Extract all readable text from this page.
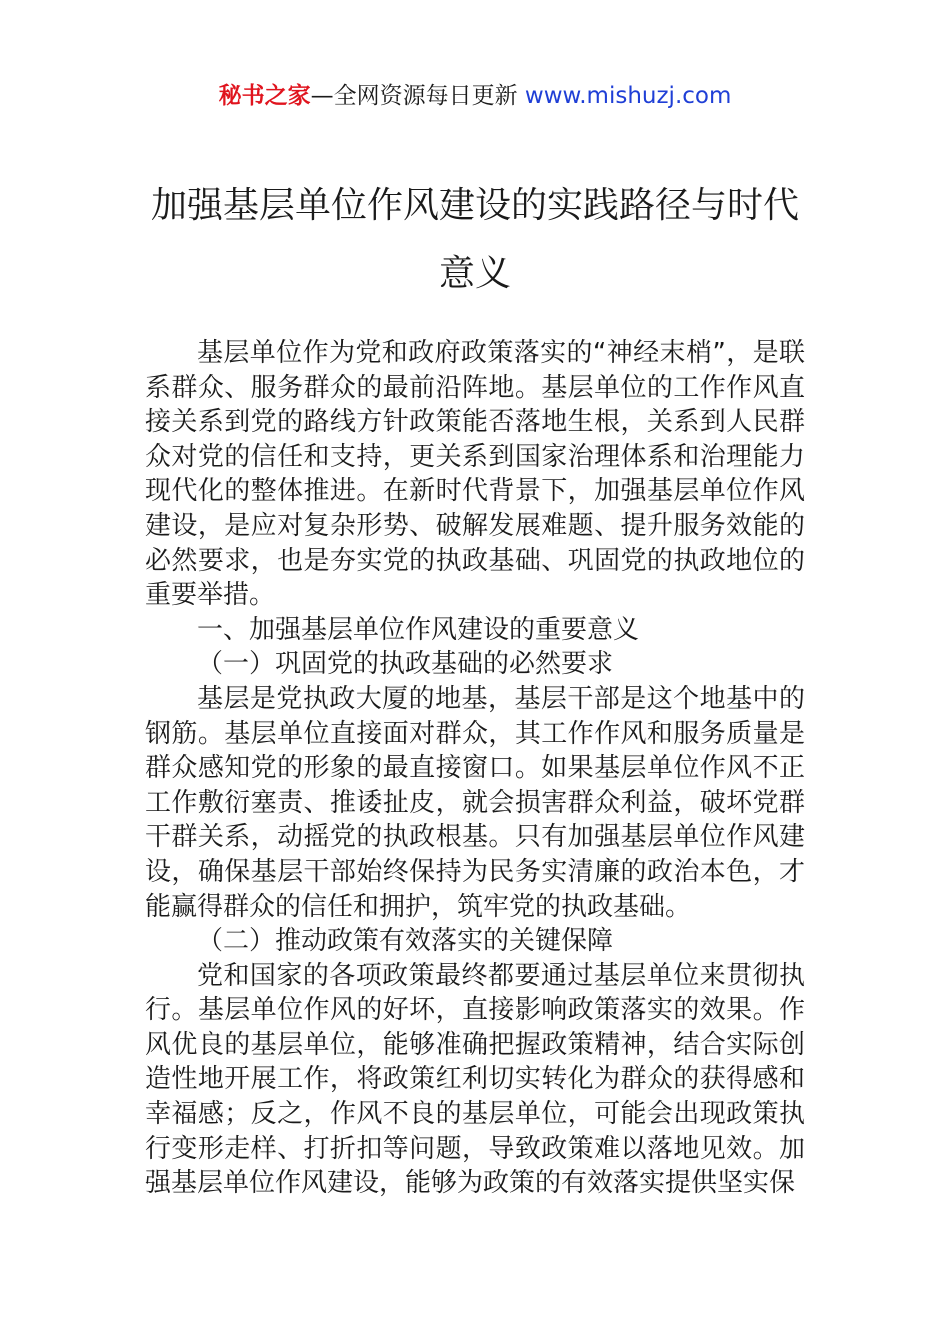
秘书之家—全网资源每日更新 www.mishuzj.com
加强基层单位作风建设的实践路径与时代
意义

基层单位作为党和政府政策落实的“神经末梢”，是联系群众、服务群众的最前沿阵地。基层单位的工作作风直接关系到党的路线方针政策能否落地生根，关系到人民群众对党的信任和支持，更关系到国家治理体系和治理能力现代化的整体推进。在新时代背景下，加强基层单位作风建设，是应对复杂形势、破解发展难题、提升服务效能的必然要求，也是夯实党的执政基础、巩固党的执政地位的重要举措。

一、加强基层单位作风建设的重要意义

（一）巩固党的执政基础的必然要求

基层是党执政大厦的地基，基层干部是这个地基中的钢筋。基层单位直接面对群众，其工作作风和服务质量是群众感知党的形象的最直接窗口。如果基层单位作风不正工作敷衍塞责、推诿扯皮，就会损害群众利益，破坏党群干群关系，动摇党的执政根基。只有加强基层单位作风建设，确保基层干部始终保持为民务实清廉的政治本色，才能赢得群众的信任和拥护，筑牢党的执政基础。

（二）推动政策有效落实的关键保障

党和国家的各项政策最终都要通过基层单位来贯彻执行。基层单位作风的好坏，直接影响政策落实的效果。作风优良的基层单位，能够准确把握政策精神，结合实际创造性地开展工作，将政策红利切实转化为群众的获得感和幸福感；反之，作风不良的基层单位，可能会出现政策执行变形走样、打折扣等问题，导致政策难以落地见效。加强基层单位作风建设，能够为政策的有效落实提供坚实保
